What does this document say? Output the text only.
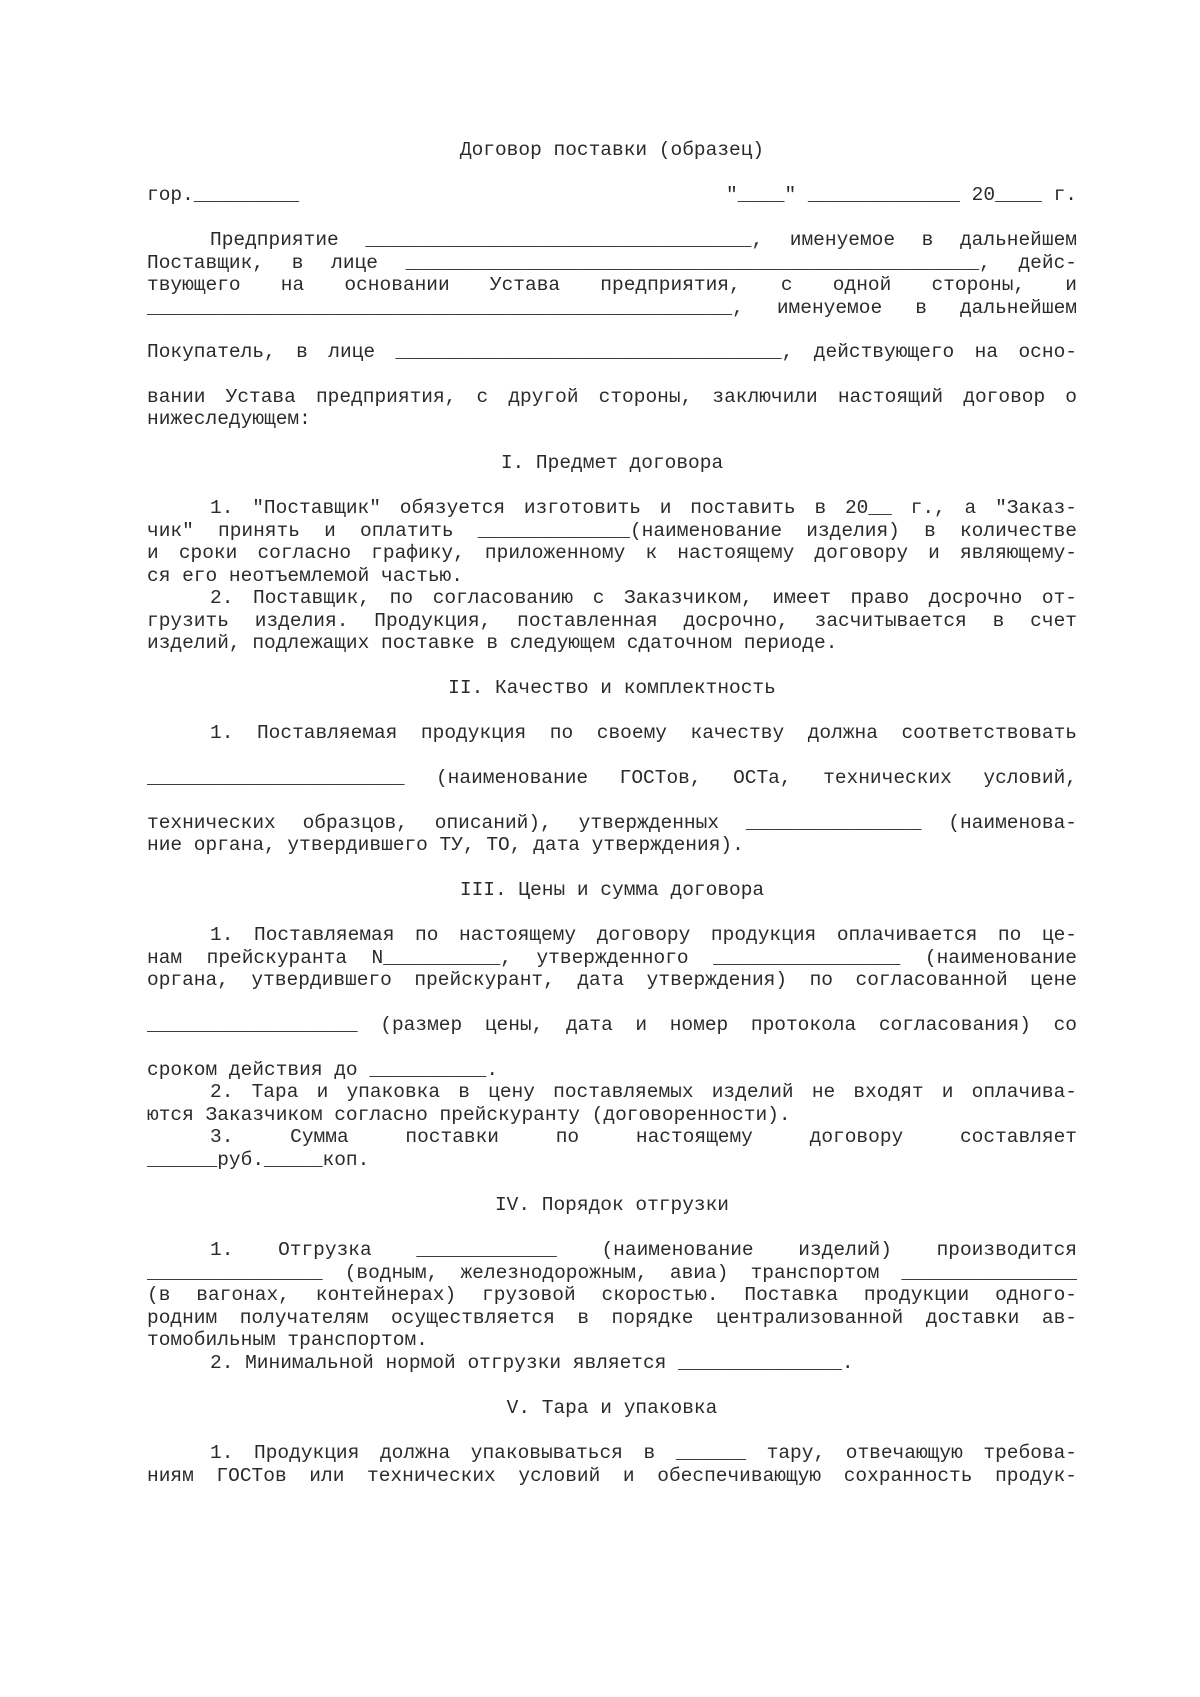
Договор поставки (образец)
гор._________	"____" _____________ 20____ г.
Предприятие _________________________________, именуемое в дальнейшем
Поставщик, в лице _________________________________________________, дейс-
твующего на основании Устава предприятия, с одной стороны, и
__________________________________________________, именуемое в дальнейшем
Покупатель, в лице _________________________________, действующего на осно-
вании Устава предприятия, с другой стороны, заключили настоящий договор о
нижеследующем:
I. Предмет договора
1. "Поставщик" обязуется изготовить и поставить в 20__ г., а "Заказ-
чик" принять и оплатить _____________(наименование изделия) в количестве
и сроки согласно графику, приложенному к настоящему договору и являющему-
ся его неотъемлемой частью.
2. Поставщик, по согласованию с Заказчиком, имеет право досрочно от-
грузить изделия. Продукция, поставленная досрочно, засчитывается в счет
изделий, подлежащих поставке в следующем сдаточном периоде.
II. Качество и комплектность
1. Поставляемая продукция по своему качеству должна соответствовать
______________________ (наименование ГОСТов, ОСТа, технических условий,
технических образцов, описаний), утвержденных _______________ (наименова-
ние органа, утвердившего ТУ, ТО, дата утверждения).
III. Цены и сумма договора
1. Поставляемая по настоящему договору продукция оплачивается по це-
нам прейскуранта N__________, утвержденного ________________ (наименование
органа, утвердившего прейскурант, дата утверждения) по согласованной цене
__________________ (размер цены, дата и номер протокола согласования) со
сроком действия до __________.
2. Тара и упаковка в цену поставляемых изделий не входят и оплачива-
ются Заказчиком согласно прейскуранту (договоренности).
3. Сумма поставки по настоящему договору составляет
______руб._____коп.
IV. Порядок отгрузки
1. Отгрузка ____________ (наименование изделий) производится
_______________ (водным, железнодорожным, авиа) транспортом _______________
(в вагонах, контейнерах) грузовой скоростью. Поставка продукции одного-
родним получателям осуществляется в порядке централизованной доставки ав-
томобильным транспортом.
2. Минимальной нормой отгрузки является ______________.
V. Тара и упаковка
1. Продукция должна упаковываться в ______ тару, отвечающую требова-
ниям ГОСТов или технических условий и обеспечивающую сохранность продук-
